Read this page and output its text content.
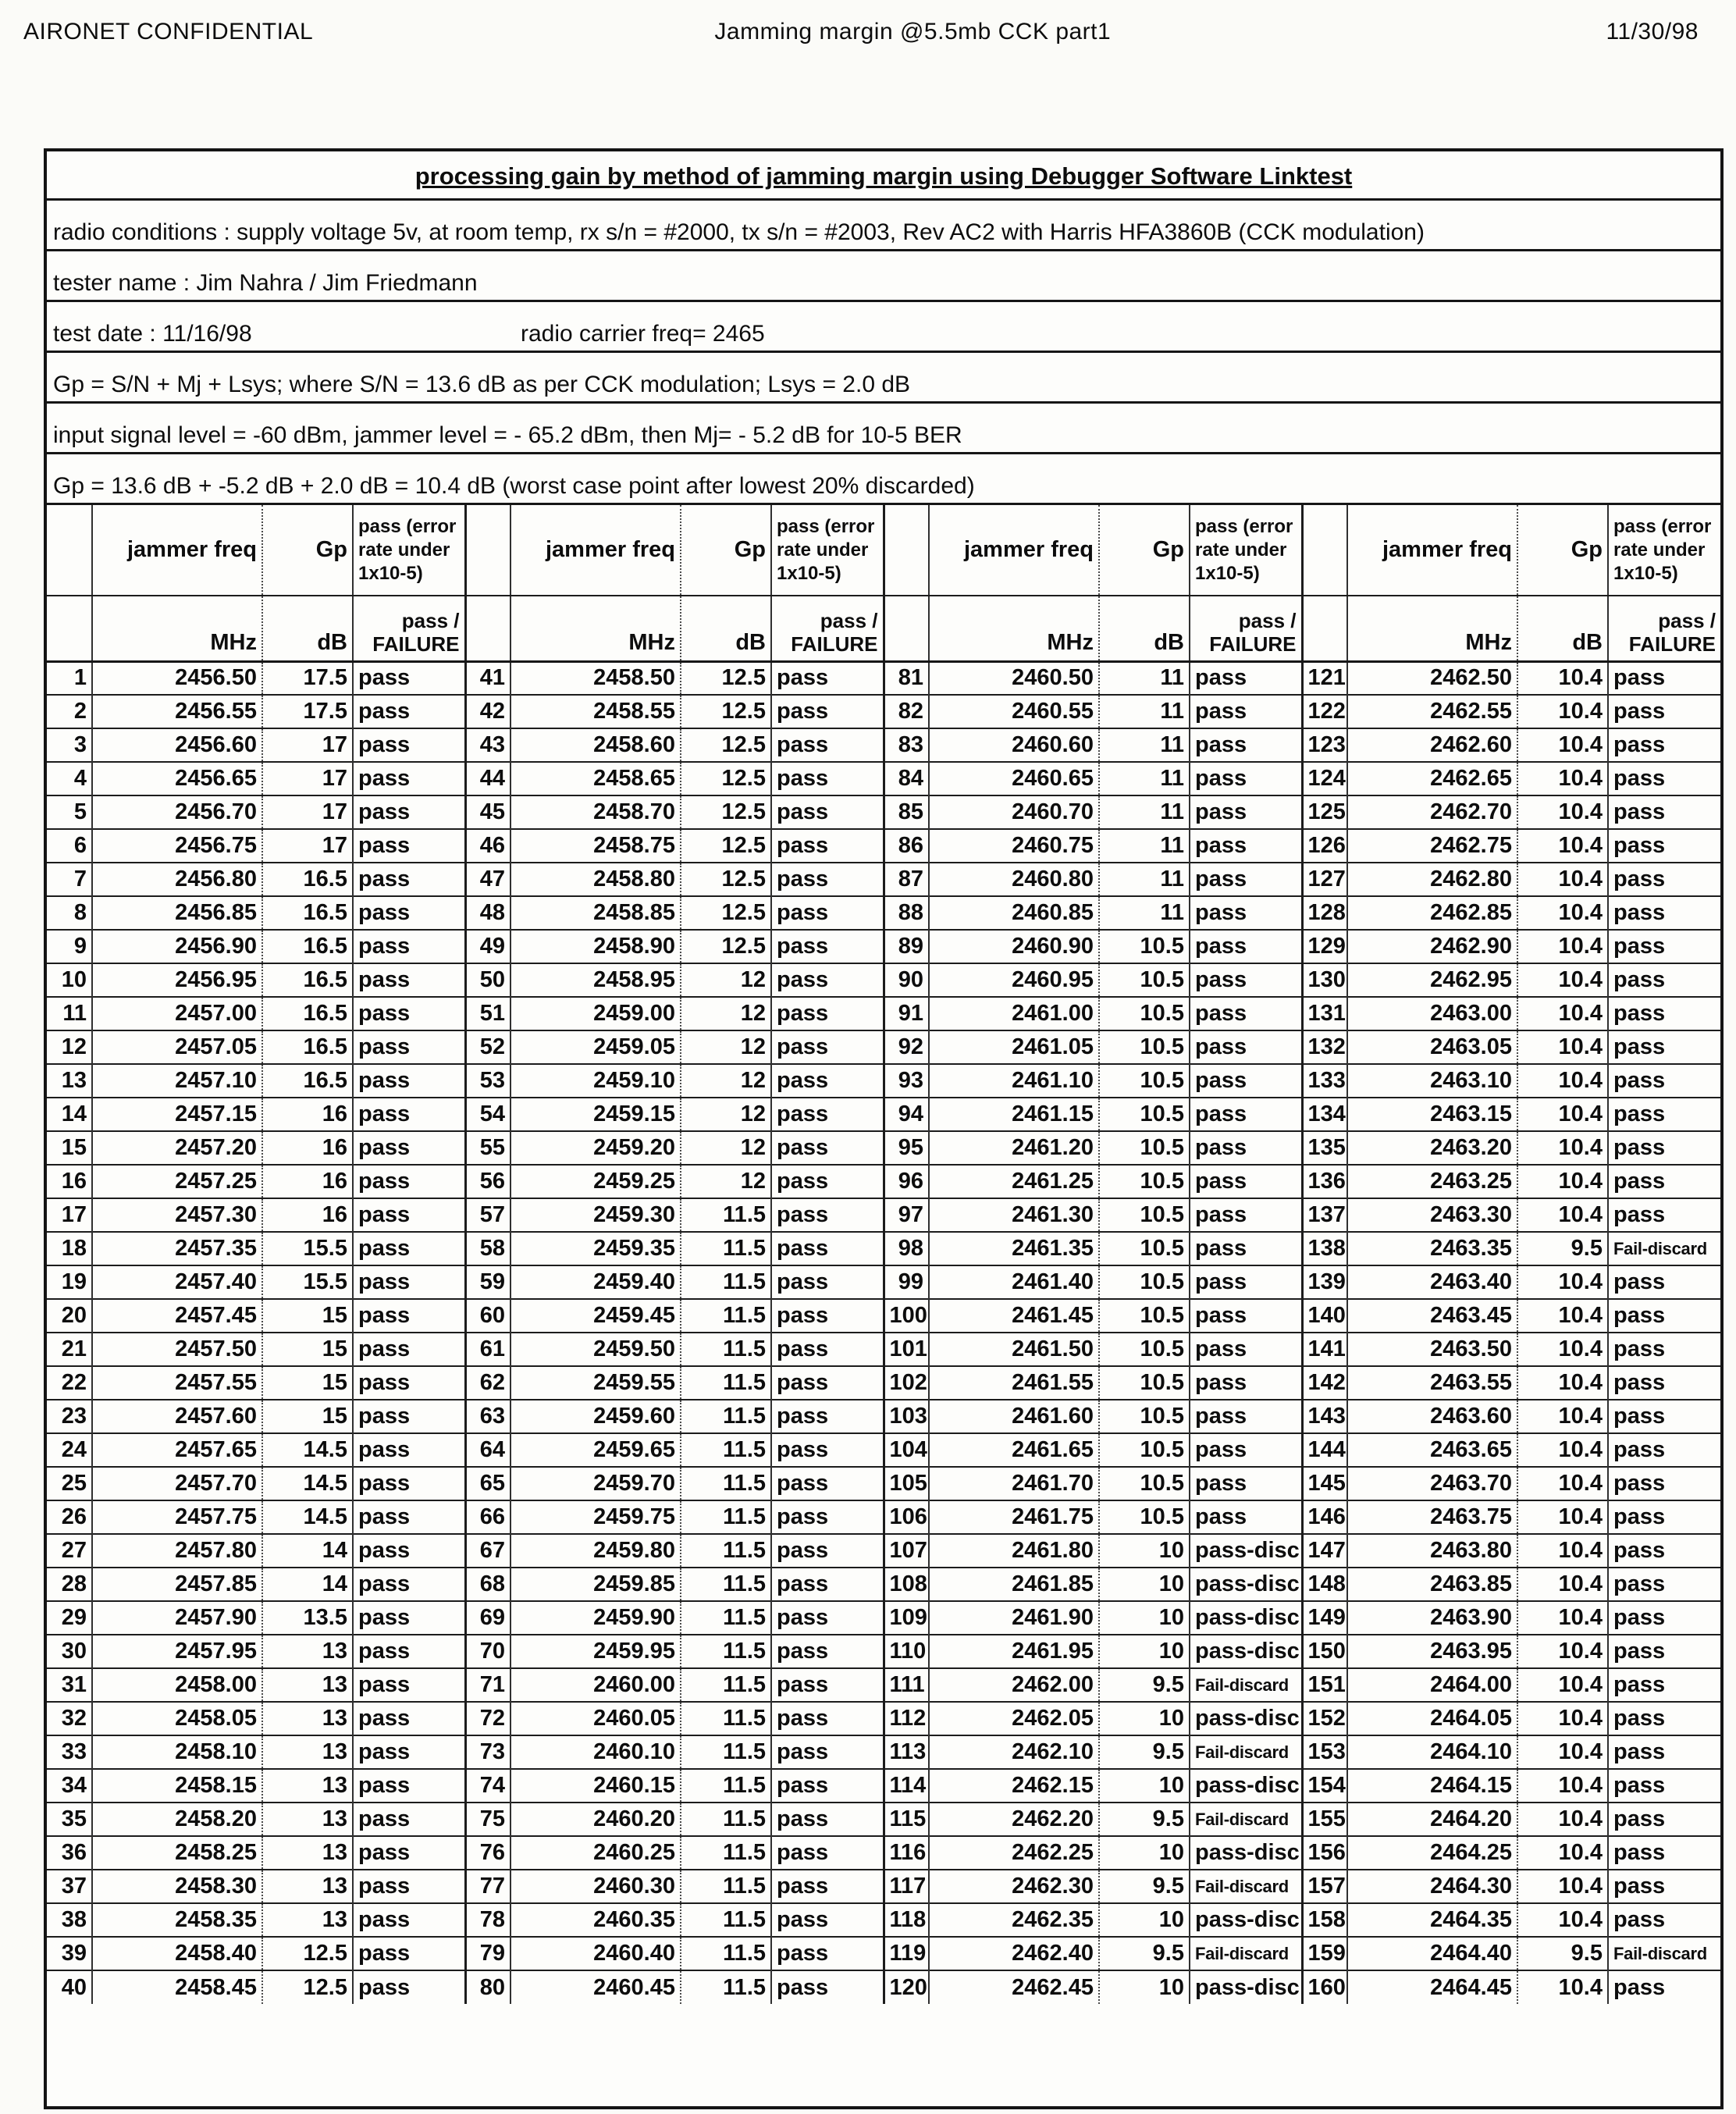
AIRONET CONFIDENTIAL	Jamming margin @5.5mb CCK part1	11/30/98
processing gain by method of jamming margin using Debugger Software Linktest
radio conditions : supply voltage 5v, at room temp, rx s/n = #2000, tx s/n = #2003, Rev AC2 with Harris HFA3860B (CCK modulation)
tester name : Jim Nahra / Jim Friedmann
test date : 11/16/98	radio carrier freq= 2465
Gp = S/N + Mj + Lsys; where S/N = 13.6 dB as per CCK modulation; Lsys = 2.0 dB
input signal level = -60 dBm, jammer level = - 65.2 dBm, then Mj= - 5.2 dB for 10-5 BER
Gp = 13.6 dB + -5.2 dB + 2.0 dB = 10.4 dB (worst case point after lowest 20% discarded)
	jammer freq	Gp	pass (error rate under 1x10-5)		jammer freq	Gp	pass (error rate under 1x10-5)		jammer freq	Gp	pass (error rate under 1x10-5)		jammer freq	Gp	pass (error rate under 1x10-5)
	MHz	dB	pass / FAILURE		MHz	dB	pass / FAILURE		MHz	dB	pass / FAILURE		MHz	dB	pass / FAILURE
1	2456.50	17.5	pass	41	2458.50	12.5	pass	81	2460.50	11	pass	121	2462.50	10.4	pass
2	2456.55	17.5	pass	42	2458.55	12.5	pass	82	2460.55	11	pass	122	2462.55	10.4	pass
3	2456.60	17	pass	43	2458.60	12.5	pass	83	2460.60	11	pass	123	2462.60	10.4	pass
4	2456.65	17	pass	44	2458.65	12.5	pass	84	2460.65	11	pass	124	2462.65	10.4	pass
5	2456.70	17	pass	45	2458.70	12.5	pass	85	2460.70	11	pass	125	2462.70	10.4	pass
6	2456.75	17	pass	46	2458.75	12.5	pass	86	2460.75	11	pass	126	2462.75	10.4	pass
7	2456.80	16.5	pass	47	2458.80	12.5	pass	87	2460.80	11	pass	127	2462.80	10.4	pass
8	2456.85	16.5	pass	48	2458.85	12.5	pass	88	2460.85	11	pass	128	2462.85	10.4	pass
9	2456.90	16.5	pass	49	2458.90	12.5	pass	89	2460.90	10.5	pass	129	2462.90	10.4	pass
10	2456.95	16.5	pass	50	2458.95	12	pass	90	2460.95	10.5	pass	130	2462.95	10.4	pass
11	2457.00	16.5	pass	51	2459.00	12	pass	91	2461.00	10.5	pass	131	2463.00	10.4	pass
12	2457.05	16.5	pass	52	2459.05	12	pass	92	2461.05	10.5	pass	132	2463.05	10.4	pass
13	2457.10	16.5	pass	53	2459.10	12	pass	93	2461.10	10.5	pass	133	2463.10	10.4	pass
14	2457.15	16	pass	54	2459.15	12	pass	94	2461.15	10.5	pass	134	2463.15	10.4	pass
15	2457.20	16	pass	55	2459.20	12	pass	95	2461.20	10.5	pass	135	2463.20	10.4	pass
16	2457.25	16	pass	56	2459.25	12	pass	96	2461.25	10.5	pass	136	2463.25	10.4	pass
17	2457.30	16	pass	57	2459.30	11.5	pass	97	2461.30	10.5	pass	137	2463.30	10.4	pass
18	2457.35	15.5	pass	58	2459.35	11.5	pass	98	2461.35	10.5	pass	138	2463.35	9.5	Fail-discard
19	2457.40	15.5	pass	59	2459.40	11.5	pass	99	2461.40	10.5	pass	139	2463.40	10.4	pass
20	2457.45	15	pass	60	2459.45	11.5	pass	100	2461.45	10.5	pass	140	2463.45	10.4	pass
21	2457.50	15	pass	61	2459.50	11.5	pass	101	2461.50	10.5	pass	141	2463.50	10.4	pass
22	2457.55	15	pass	62	2459.55	11.5	pass	102	2461.55	10.5	pass	142	2463.55	10.4	pass
23	2457.60	15	pass	63	2459.60	11.5	pass	103	2461.60	10.5	pass	143	2463.60	10.4	pass
24	2457.65	14.5	pass	64	2459.65	11.5	pass	104	2461.65	10.5	pass	144	2463.65	10.4	pass
25	2457.70	14.5	pass	65	2459.70	11.5	pass	105	2461.70	10.5	pass	145	2463.70	10.4	pass
26	2457.75	14.5	pass	66	2459.75	11.5	pass	106	2461.75	10.5	pass	146	2463.75	10.4	pass
27	2457.80	14	pass	67	2459.80	11.5	pass	107	2461.80	10	pass-disc	147	2463.80	10.4	pass
28	2457.85	14	pass	68	2459.85	11.5	pass	108	2461.85	10	pass-disc	148	2463.85	10.4	pass
29	2457.90	13.5	pass	69	2459.90	11.5	pass	109	2461.90	10	pass-disc	149	2463.90	10.4	pass
30	2457.95	13	pass	70	2459.95	11.5	pass	110	2461.95	10	pass-disc	150	2463.95	10.4	pass
31	2458.00	13	pass	71	2460.00	11.5	pass	111	2462.00	9.5	Fail-discard	151	2464.00	10.4	pass
32	2458.05	13	pass	72	2460.05	11.5	pass	112	2462.05	10	pass-disc	152	2464.05	10.4	pass
33	2458.10	13	pass	73	2460.10	11.5	pass	113	2462.10	9.5	Fail-discard	153	2464.10	10.4	pass
34	2458.15	13	pass	74	2460.15	11.5	pass	114	2462.15	10	pass-disc	154	2464.15	10.4	pass
35	2458.20	13	pass	75	2460.20	11.5	pass	115	2462.20	9.5	Fail-discard	155	2464.20	10.4	pass
36	2458.25	13	pass	76	2460.25	11.5	pass	116	2462.25	10	pass-disc	156	2464.25	10.4	pass
37	2458.30	13	pass	77	2460.30	11.5	pass	117	2462.30	9.5	Fail-discard	157	2464.30	10.4	pass
38	2458.35	13	pass	78	2460.35	11.5	pass	118	2462.35	10	pass-disc	158	2464.35	10.4	pass
39	2458.40	12.5	pass	79	2460.40	11.5	pass	119	2462.40	9.5	Fail-discard	159	2464.40	9.5	Fail-discard
40	2458.45	12.5	pass	80	2460.45	11.5	pass	120	2462.45	10	pass-disc	160	2464.45	10.4	pass
